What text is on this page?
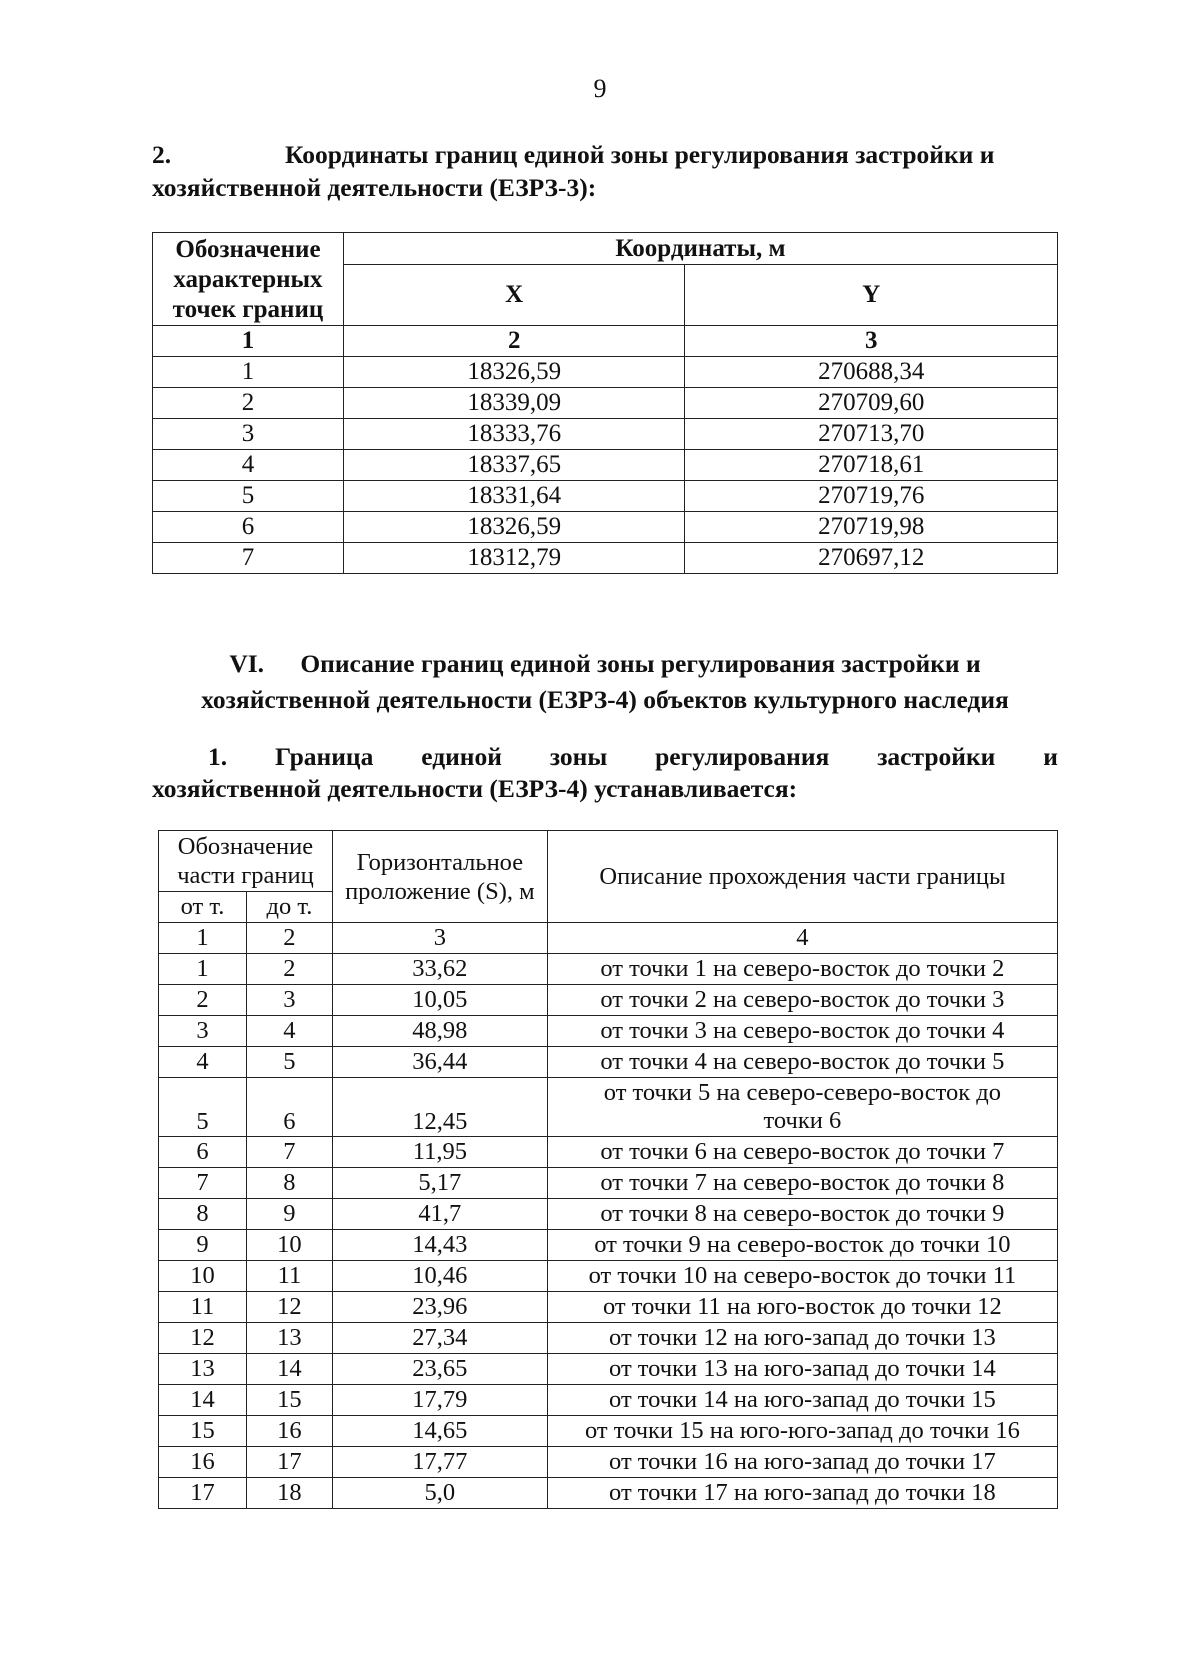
9
2.	Координаты границ единой зоны регулирования застройки и
хозяйственной деятельности (ЕЗРЗ-3):
Обозначение характерных точек границ	Координаты, м	
	X	Y
1	2	3
1	18326,59	270688,34
2	18339,09	270709,60
3	18333,76	270713,70
4	18337,65	270718,61
5	18331,64	270719,76
6	18326,59	270719,98
7	18312,79	270697,12
VI.	Описание границ единой зоны регулирования застройки и
хозяйственной деятельности (ЕЗРЗ-4) объектов культурного наследия
1. Граница единой зоны регулирования застройки и
хозяйственной деятельности (ЕЗРЗ-4) устанавливается:
Обозначение части границ		Горизонтальное проложение (S), м	Описание прохождения части границы
от т.	до т.		
1	2	3	4
1	2	33,62	от точки 1 на северо-восток до точки 2
2	3	10,05	от точки 2 на северо-восток до точки 3
3	4	48,98	от точки 3 на северо-восток до точки 4
4	5	36,44	от точки 4 на северо-восток до точки 5
5	6	12,45	от точки 5 на северо-северо-восток до точки 6
6	7	11,95	от точки 6 на северо-восток до точки 7
7	8	5,17	от точки 7 на северо-восток до точки 8
8	9	41,7	от точки 8 на северо-восток до точки 9
9	10	14,43	от точки 9 на северо-восток до точки 10
10	11	10,46	от точки 10 на северо-восток до точки 11
11	12	23,96	от точки 11 на юго-восток до точки 12
12	13	27,34	от точки 12 на юго-запад до точки 13
13	14	23,65	от точки 13 на юго-запад до точки 14
14	15	17,79	от точки 14 на юго-запад до точки 15
15	16	14,65	от точки 15 на юго-юго-запад до точки 16
16	17	17,77	от точки 16 на юго-запад до точки 17
17	18	5,0	от точки 17 на юго-запад до точки 18
